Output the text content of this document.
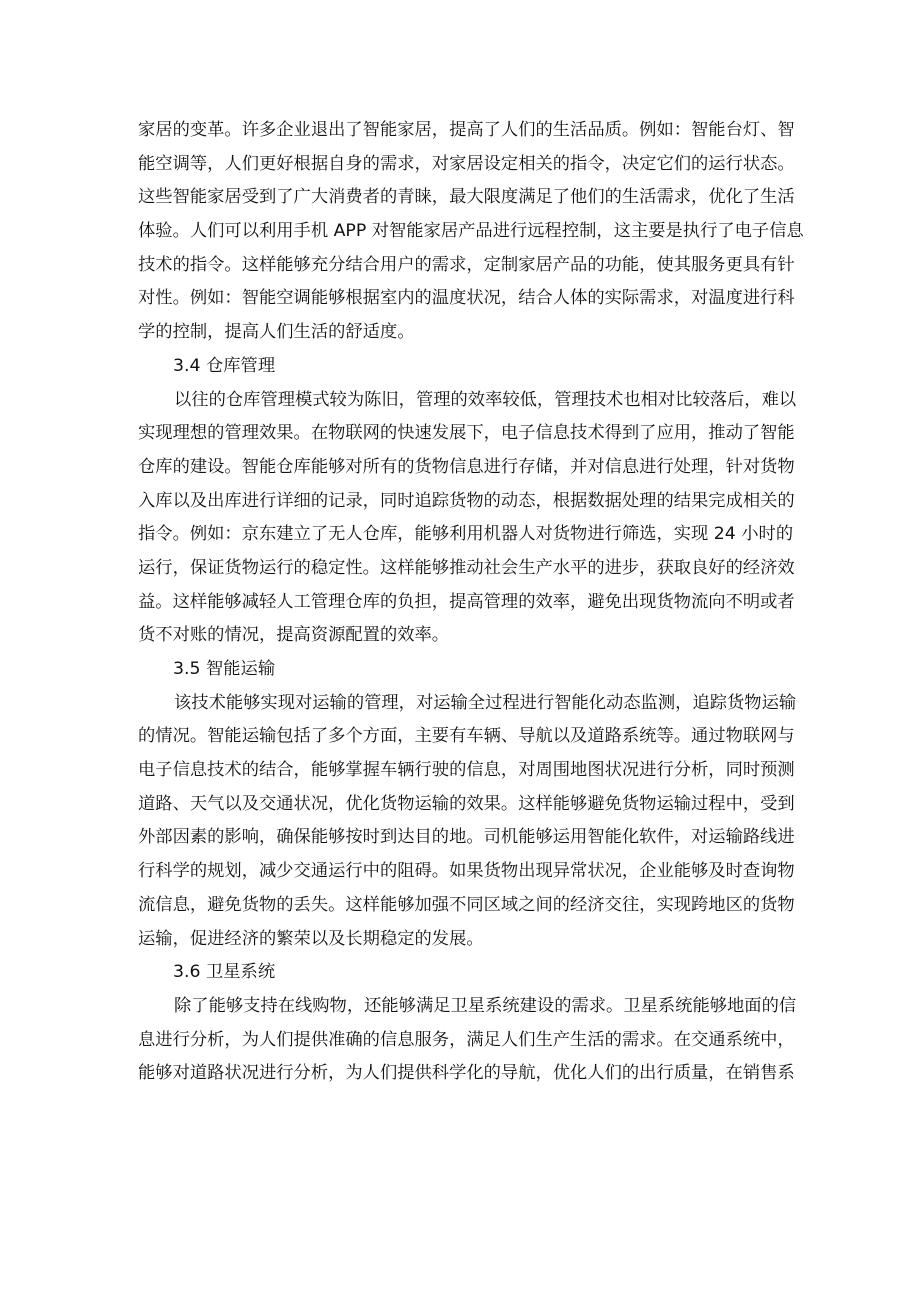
家居的变革。许多企业退出了智能家居，提高了人们的生活品质。例如：智能台灯、智
能空调等，人们更好根据自身的需求，对家居设定相关的指令，决定它们的运行状态。
这些智能家居受到了广大消费者的青睐，最大限度满足了他们的生活需求，优化了生活
体验。人们可以利用手机 APP 对智能家居产品进行远程控制，这主要是执行了电子信息
技术的指令。这样能够充分结合用户的需求，定制家居产品的功能，使其服务更具有针
对性。例如：智能空调能够根据室内的温度状况，结合人体的实际需求，对温度进行科
学的控制，提高人们生活的舒适度。
3.4 仓库管理
以往的仓库管理模式较为陈旧，管理的效率较低，管理技术也相对比较落后，难以
实现理想的管理效果。在物联网的快速发展下，电子信息技术得到了应用，推动了智能
仓库的建设。智能仓库能够对所有的货物信息进行存储，并对信息进行处理，针对货物
入库以及出库进行详细的记录，同时追踪货物的动态，根据数据处理的结果完成相关的
指令。例如：京东建立了无人仓库，能够利用机器人对货物进行筛选，实现 24 小时的
运行，保证货物运行的稳定性。这样能够推动社会生产水平的进步，获取良好的经济效
益。这样能够减轻人工管理仓库的负担，提高管理的效率，避免出现货物流向不明或者
货不对账的情况，提高资源配置的效率。
3.5 智能运输
该技术能够实现对运输的管理，对运输全过程进行智能化动态监测，追踪货物运输
的情况。智能运输包括了多个方面，主要有车辆、导航以及道路系统等。通过物联网与
电子信息技术的结合，能够掌握车辆行驶的信息，对周围地图状况进行分析，同时预测
道路、天气以及交通状况，优化货物运输的效果。这样能够避免货物运输过程中，受到
外部因素的影响，确保能够按时到达目的地。司机能够运用智能化软件，对运输路线进
行科学的规划，减少交通运行中的阻碍。如果货物出现异常状况，企业能够及时查询物
流信息，避免货物的丢失。这样能够加强不同区域之间的经济交往，实现跨地区的货物
运输，促进经济的繁荣以及长期稳定的发展。
3.6 卫星系统
除了能够支持在线购物，还能够满足卫星系统建设的需求。卫星系统能够地面的信
息进行分析，为人们提供准确的信息服务，满足人们生产生活的需求。在交通系统中，
能够对道路状况进行分析，为人们提供科学化的导航，优化人们的出行质量，在销售系
